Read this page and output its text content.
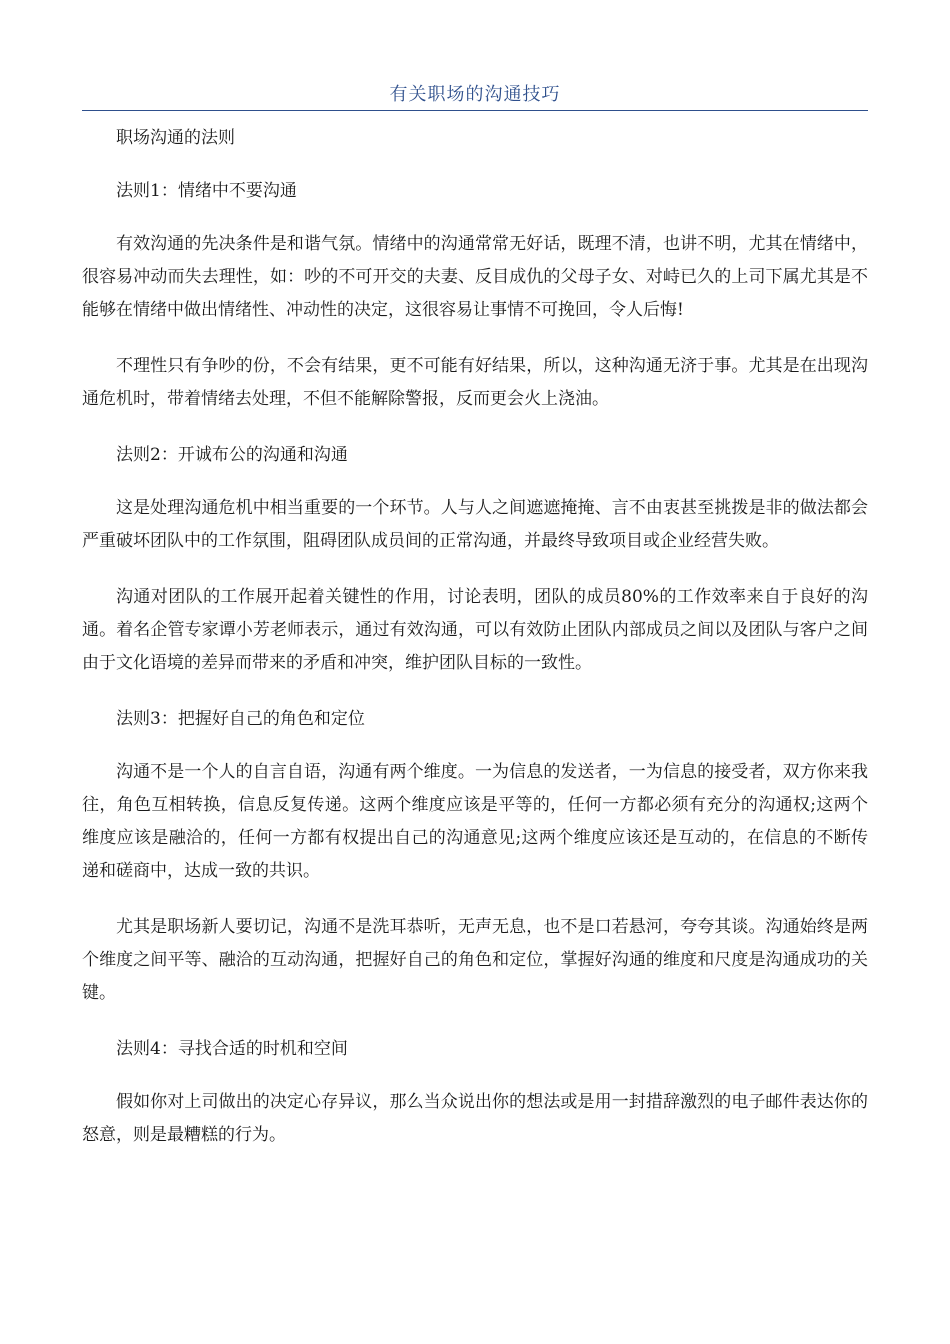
有关职场的沟通技巧

职场沟通的法则

法则1：情绪中不要沟通

有效沟通的先决条件是和谐气氛。情绪中的沟通常常无好话，既理不清，也讲不明，尤其在情绪中，很容易冲动而失去理性，如：吵的不可开交的夫妻、反目成仇的父母子女、对峙已久的上司下属尤其是不能够在情绪中做出情绪性、冲动性的决定，这很容易让事情不可挽回，令人后悔!

不理性只有争吵的份，不会有结果，更不可能有好结果，所以，这种沟通无济于事。尤其是在出现沟通危机时，带着情绪去处理，不但不能解除警报，反而更会火上浇油。

法则2：开诚布公的沟通和沟通

这是处理沟通危机中相当重要的一个环节。人与人之间遮遮掩掩、言不由衷甚至挑拨是非的做法都会严重破坏团队中的工作氛围，阻碍团队成员间的正常沟通，并最终导致项目或企业经营失败。

沟通对团队的工作展开起着关键性的作用，讨论表明，团队的成员80%的工作效率来自于良好的沟通。着名企管专家谭小芳老师表示，通过有效沟通，可以有效防止团队内部成员之间以及团队与客户之间由于文化语境的差异而带来的矛盾和冲突，维护团队目标的一致性。

法则3：把握好自己的角色和定位

沟通不是一个人的自言自语，沟通有两个维度。一为信息的发送者，一为信息的接受者，双方你来我往，角色互相转换，信息反复传递。这两个维度应该是平等的，任何一方都必须有充分的沟通权;这两个维度应该是融洽的，任何一方都有权提出自己的沟通意见;这两个维度应该还是互动的，在信息的不断传递和磋商中，达成一致的共识。

尤其是职场新人要切记，沟通不是洗耳恭听，无声无息，也不是口若悬河，夸夸其谈。沟通始终是两个维度之间平等、融洽的互动沟通，把握好自己的角色和定位，掌握好沟通的维度和尺度是沟通成功的关键。

法则4：寻找合适的时机和空间

假如你对上司做出的决定心存异议，那么当众说出你的想法或是用一封措辞激烈的电子邮件表达你的怒意，则是最糟糕的行为。
